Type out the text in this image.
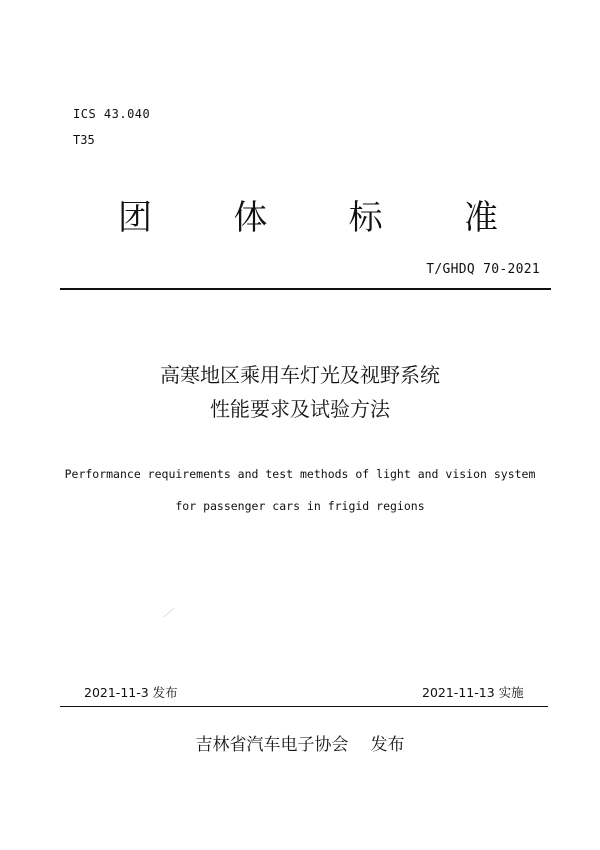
ICS 43.040
T35
团 体 标 准
T/GHDQ 70-2021
高寒地区乘用车灯光及视野系统
性能要求及试验方法
Performance requirements and test methods of light and vision system
for passenger cars in frigid regions
2021-11-3 发布	2021-11-13 实施
吉林省汽车电子协会 发布
